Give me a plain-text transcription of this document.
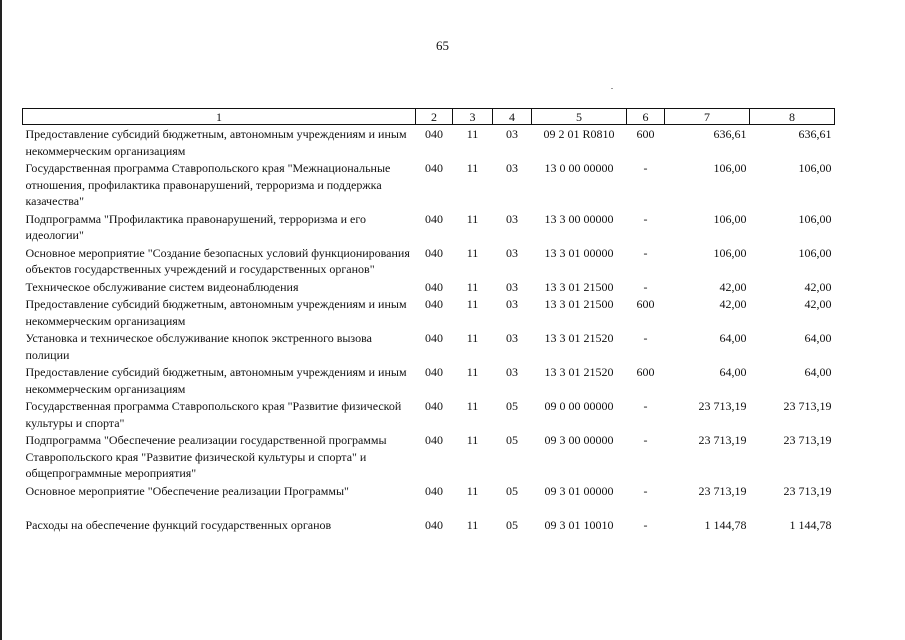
65
1	2	3	4	5	6	7	8
Предоставление субсидий бюджетным, автономным учреждениям и иным некоммерческим организациям	040	11	03	09 2 01 R0810	600	636,61	636,61
Государственная программа Ставропольского края "Межнациональные отношения, профилактика правонарушений, терроризма и поддержка казачества"	040	11	03	13 0 00 00000	-	106,00	106,00
Подпрограмма "Профилактика правонарушений, терроризма и его идеологии"	040	11	03	13 3 00 00000	-	106,00	106,00
Основное мероприятие "Создание безопасных условий функционирования объектов государственных учреждений и государственных органов"	040	11	03	13 3 01 00000	-	106,00	106,00
Техническое обслуживание систем видеонаблюдения	040	11	03	13 3 01 21500	-	42,00	42,00
Предоставление субсидий бюджетным, автономным учреждениям и иным некоммерческим организациям	040	11	03	13 3 01 21500	600	42,00	42,00
Установка и техническое обслуживание кнопок экстренного вызова полиции	040	11	03	13 3 01 21520	-	64,00	64,00
Предоставление субсидий бюджетным, автономным учреждениям и иным некоммерческим организациям	040	11	03	13 3 01 21520	600	64,00	64,00
Государственная программа Ставропольского края "Развитие физической культуры и спорта"	040	11	05	09 0 00 00000	-	23 713,19	23 713,19
Подпрограмма "Обеспечение реализации государственной программы Ставропольского края "Развитие физической культуры и спорта" и общепрограммные мероприятия"	040	11	05	09 3 00 00000	-	23 713,19	23 713,19
Основное мероприятие "Обеспечение реализации Программы"	040	11	05	09 3 01 00000	-	23 713,19	23 713,19
Расходы на обеспечение функций государственных органов	040	11	05	09 3 01 10010	-	1 144,78	1 144,78
